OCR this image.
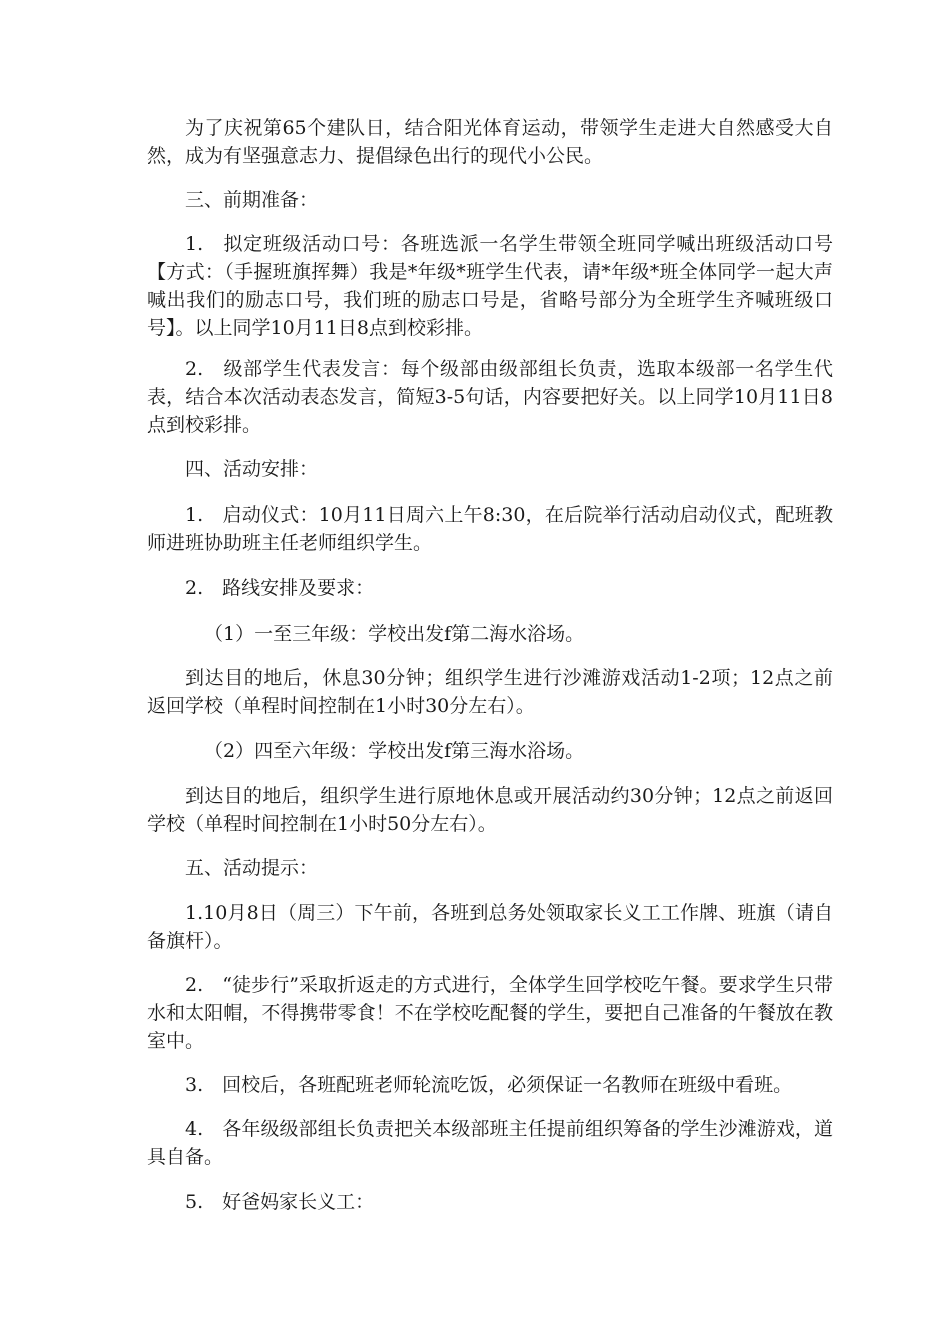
为了庆祝第65个建队日，结合阳光体育运动，带领学生走进大自然感受大自然，成为有坚强意志力、提倡绿色出行的现代小公民。

三、前期准备：

1.　拟定班级活动口号：各班选派一名学生带领全班同学喊出班级活动口号【方式：（手握班旗挥舞）我是*年级*班学生代表，请*年级*班全体同学一起大声喊出我们的励志口号，我们班的励志口号是，省略号部分为全班学生齐喊班级口号】。以上同学10月11日8点到校彩排。

2.　级部学生代表发言：每个级部由级部组长负责，选取本级部一名学生代表，结合本次活动表态发言，简短3-5句话，内容要把好关。以上同学10月11日8点到校彩排。

四、活动安排：

1.　启动仪式：10月11日周六上午8:30，在后院举行活动启动仪式，配班教师进班协助班主任老师组织学生。

2.　路线安排及要求：

（1）一至三年级：学校出发f第二海水浴场。

到达目的地后，休息30分钟；组织学生进行沙滩游戏活动1-2项；12点之前返回学校（单程时间控制在1小时30分左右）。

（2）四至六年级：学校出发f第三海水浴场。

到达目的地后，组织学生进行原地休息或开展活动约30分钟；12点之前返回学校（单程时间控制在1小时50分左右）。

五、活动提示：

1.10月8日（周三）下午前，各班到总务处领取家长义工工作牌、班旗（请自备旗杆）。

2.　“徒步行”采取折返走的方式进行，全体学生回学校吃午餐。要求学生只带水和太阳帽，不得携带零食！不在学校吃配餐的学生，要把自己准备的午餐放在教室中。

3.　回校后，各班配班老师轮流吃饭，必须保证一名教师在班级中看班。

4.　各年级级部组长负责把关本级部班主任提前组织筹备的学生沙滩游戏，道具自备。

5.　好爸妈家长义工：
